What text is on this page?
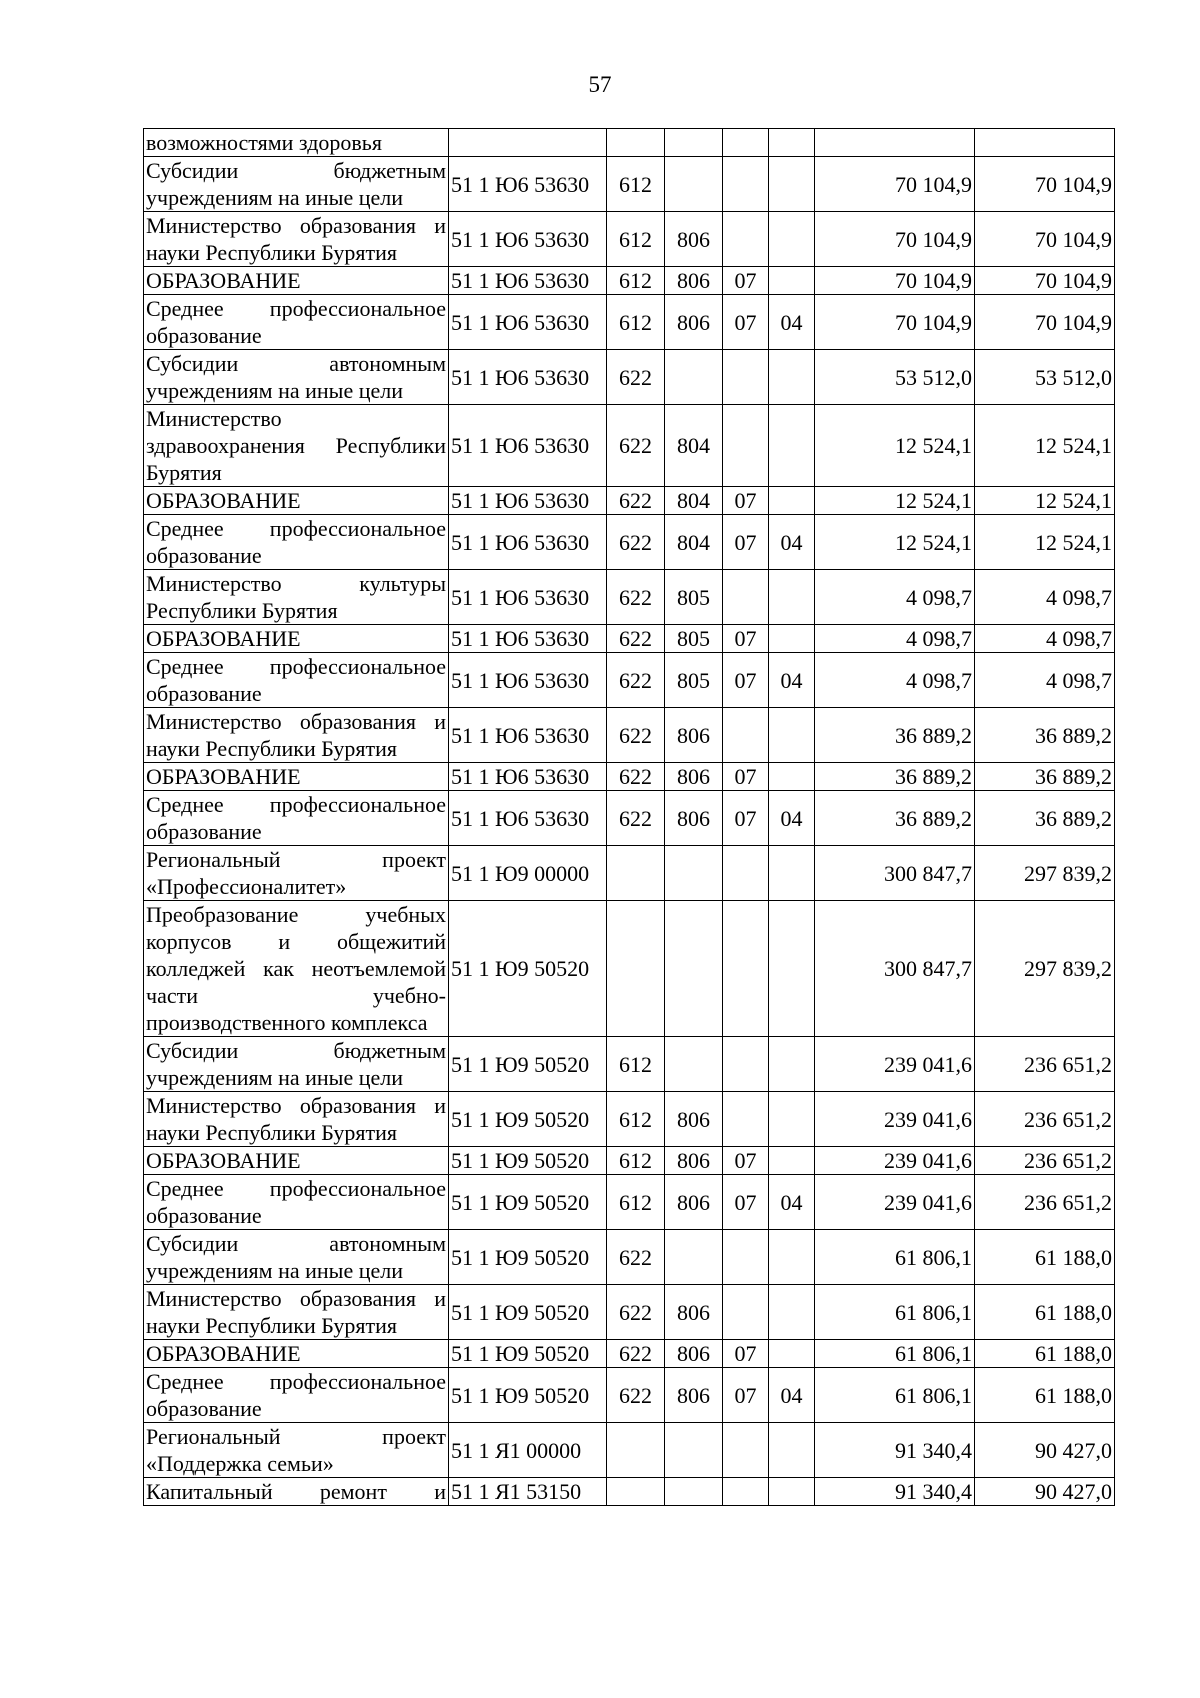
57
возможностями здоровья							
Субсидии бюджетным учреждениям на иные цели	51 1 Ю6 53630	612				70 104,9	70 104,9
Министерство образования и науки Республики Бурятия	51 1 Ю6 53630	612	806			70 104,9	70 104,9
ОБРАЗОВАНИЕ	51 1 Ю6 53630	612	806	07		70 104,9	70 104,9
Среднее профессиональное образование	51 1 Ю6 53630	612	806	07	04	70 104,9	70 104,9
Субсидии автономным учреждениям на иные цели	51 1 Ю6 53630	622				53 512,0	53 512,0
Министерство здравоохранения Республики Бурятия	51 1 Ю6 53630	622	804			12 524,1	12 524,1
ОБРАЗОВАНИЕ	51 1 Ю6 53630	622	804	07		12 524,1	12 524,1
Среднее профессиональное образование	51 1 Ю6 53630	622	804	07	04	12 524,1	12 524,1
Министерство культуры Республики Бурятия	51 1 Ю6 53630	622	805			4 098,7	4 098,7
ОБРАЗОВАНИЕ	51 1 Ю6 53630	622	805	07		4 098,7	4 098,7
Среднее профессиональное образование	51 1 Ю6 53630	622	805	07	04	4 098,7	4 098,7
Министерство образования и науки Республики Бурятия	51 1 Ю6 53630	622	806			36 889,2	36 889,2
ОБРАЗОВАНИЕ	51 1 Ю6 53630	622	806	07		36 889,2	36 889,2
Среднее профессиональное образование	51 1 Ю6 53630	622	806	07	04	36 889,2	36 889,2
Региональный проект «Профессионалитет»	51 1 Ю9 00000					300 847,7	297 839,2
Преобразование учебных корпусов и общежитий колледжей как неотъемлемой части учебно-производственного комплекса	51 1 Ю9 50520					300 847,7	297 839,2
Субсидии бюджетным учреждениям на иные цели	51 1 Ю9 50520	612				239 041,6	236 651,2
Министерство образования и науки Республики Бурятия	51 1 Ю9 50520	612	806			239 041,6	236 651,2
ОБРАЗОВАНИЕ	51 1 Ю9 50520	612	806	07		239 041,6	236 651,2
Среднее профессиональное образование	51 1 Ю9 50520	612	806	07	04	239 041,6	236 651,2
Субсидии автономным учреждениям на иные цели	51 1 Ю9 50520	622				61 806,1	61 188,0
Министерство образования и науки Республики Бурятия	51 1 Ю9 50520	622	806			61 806,1	61 188,0
ОБРАЗОВАНИЕ	51 1 Ю9 50520	622	806	07		61 806,1	61 188,0
Среднее профессиональное образование	51 1 Ю9 50520	622	806	07	04	61 806,1	61 188,0
Региональный проект «Поддержка семьи»	51 1 Я1 00000					91 340,4	90 427,0
Капитальный ремонт и	51 1 Я1 53150					91 340,4	90 427,0
